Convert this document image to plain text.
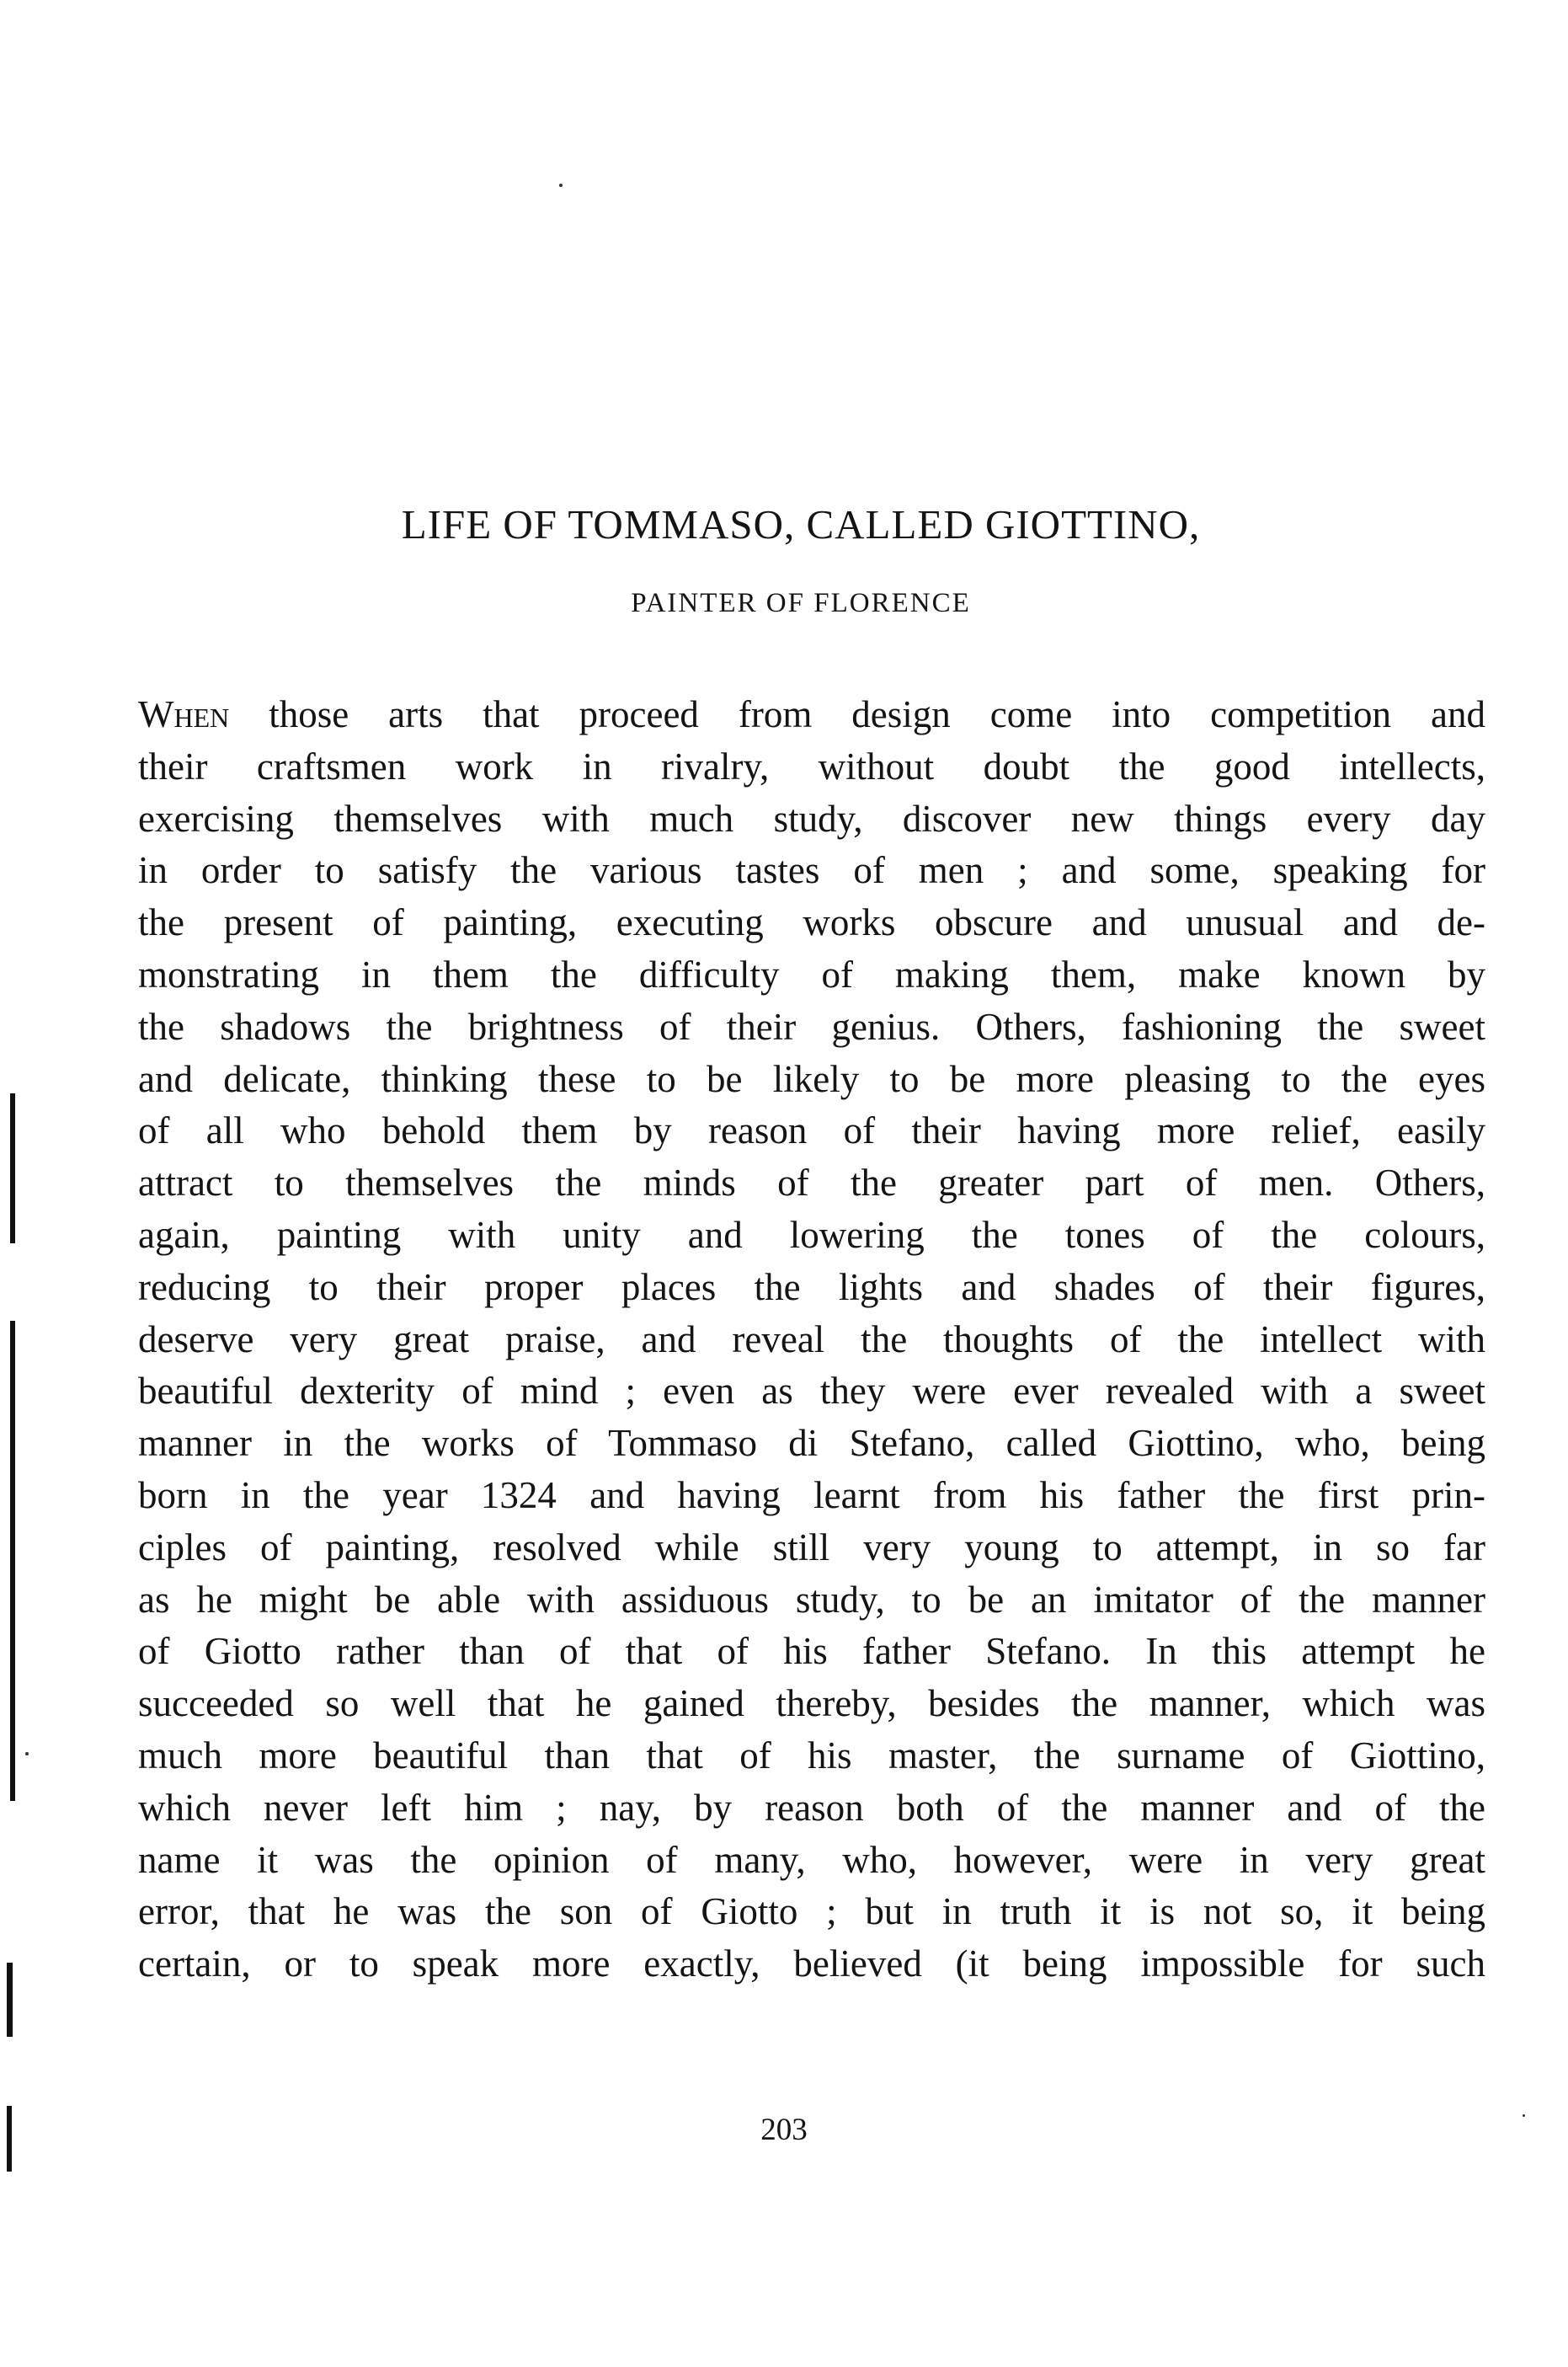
LIFE OF TOMMASO, CALLED GIOTTINO,
PAINTER OF FLORENCE
When those arts that proceed from design come into competition and
their craftsmen work in rivalry, without doubt the good intellects,
exercising themselves with much study, discover new things every day
in order to satisfy the various tastes of men ; and some, speaking for
the present of painting, executing works obscure and unusual and de-
monstrating in them the difficulty of making them, make known by
the shadows the brightness of their genius. Others, fashioning the sweet
and delicate, thinking these to be likely to be more pleasing to the eyes
of all who behold them by reason of their having more relief, easily
attract to themselves the minds of the greater part of men. Others,
again, painting with unity and lowering the tones of the colours,
reducing to their proper places the lights and shades of their figures,
deserve very great praise, and reveal the thoughts of the intellect with
beautiful dexterity of mind ; even as they were ever revealed with a sweet
manner in the works of Tommaso di Stefano, called Giottino, who, being
born in the year 1324 and having learnt from his father the first prin-
ciples of painting, resolved while still very young to attempt, in so far
as he might be able with assiduous study, to be an imitator of the manner
of Giotto rather than of that of his father Stefano. In this attempt he
succeeded so well that he gained thereby, besides the manner, which was
much more beautiful than that of his master, the surname of Giottino,
which never left him ; nay, by reason both of the manner and of the
name it was the opinion of many, who, however, were in very great
error, that he was the son of Giotto ; but in truth it is not so, it being
certain, or to speak more exactly, believed (it being impossible for such
203
